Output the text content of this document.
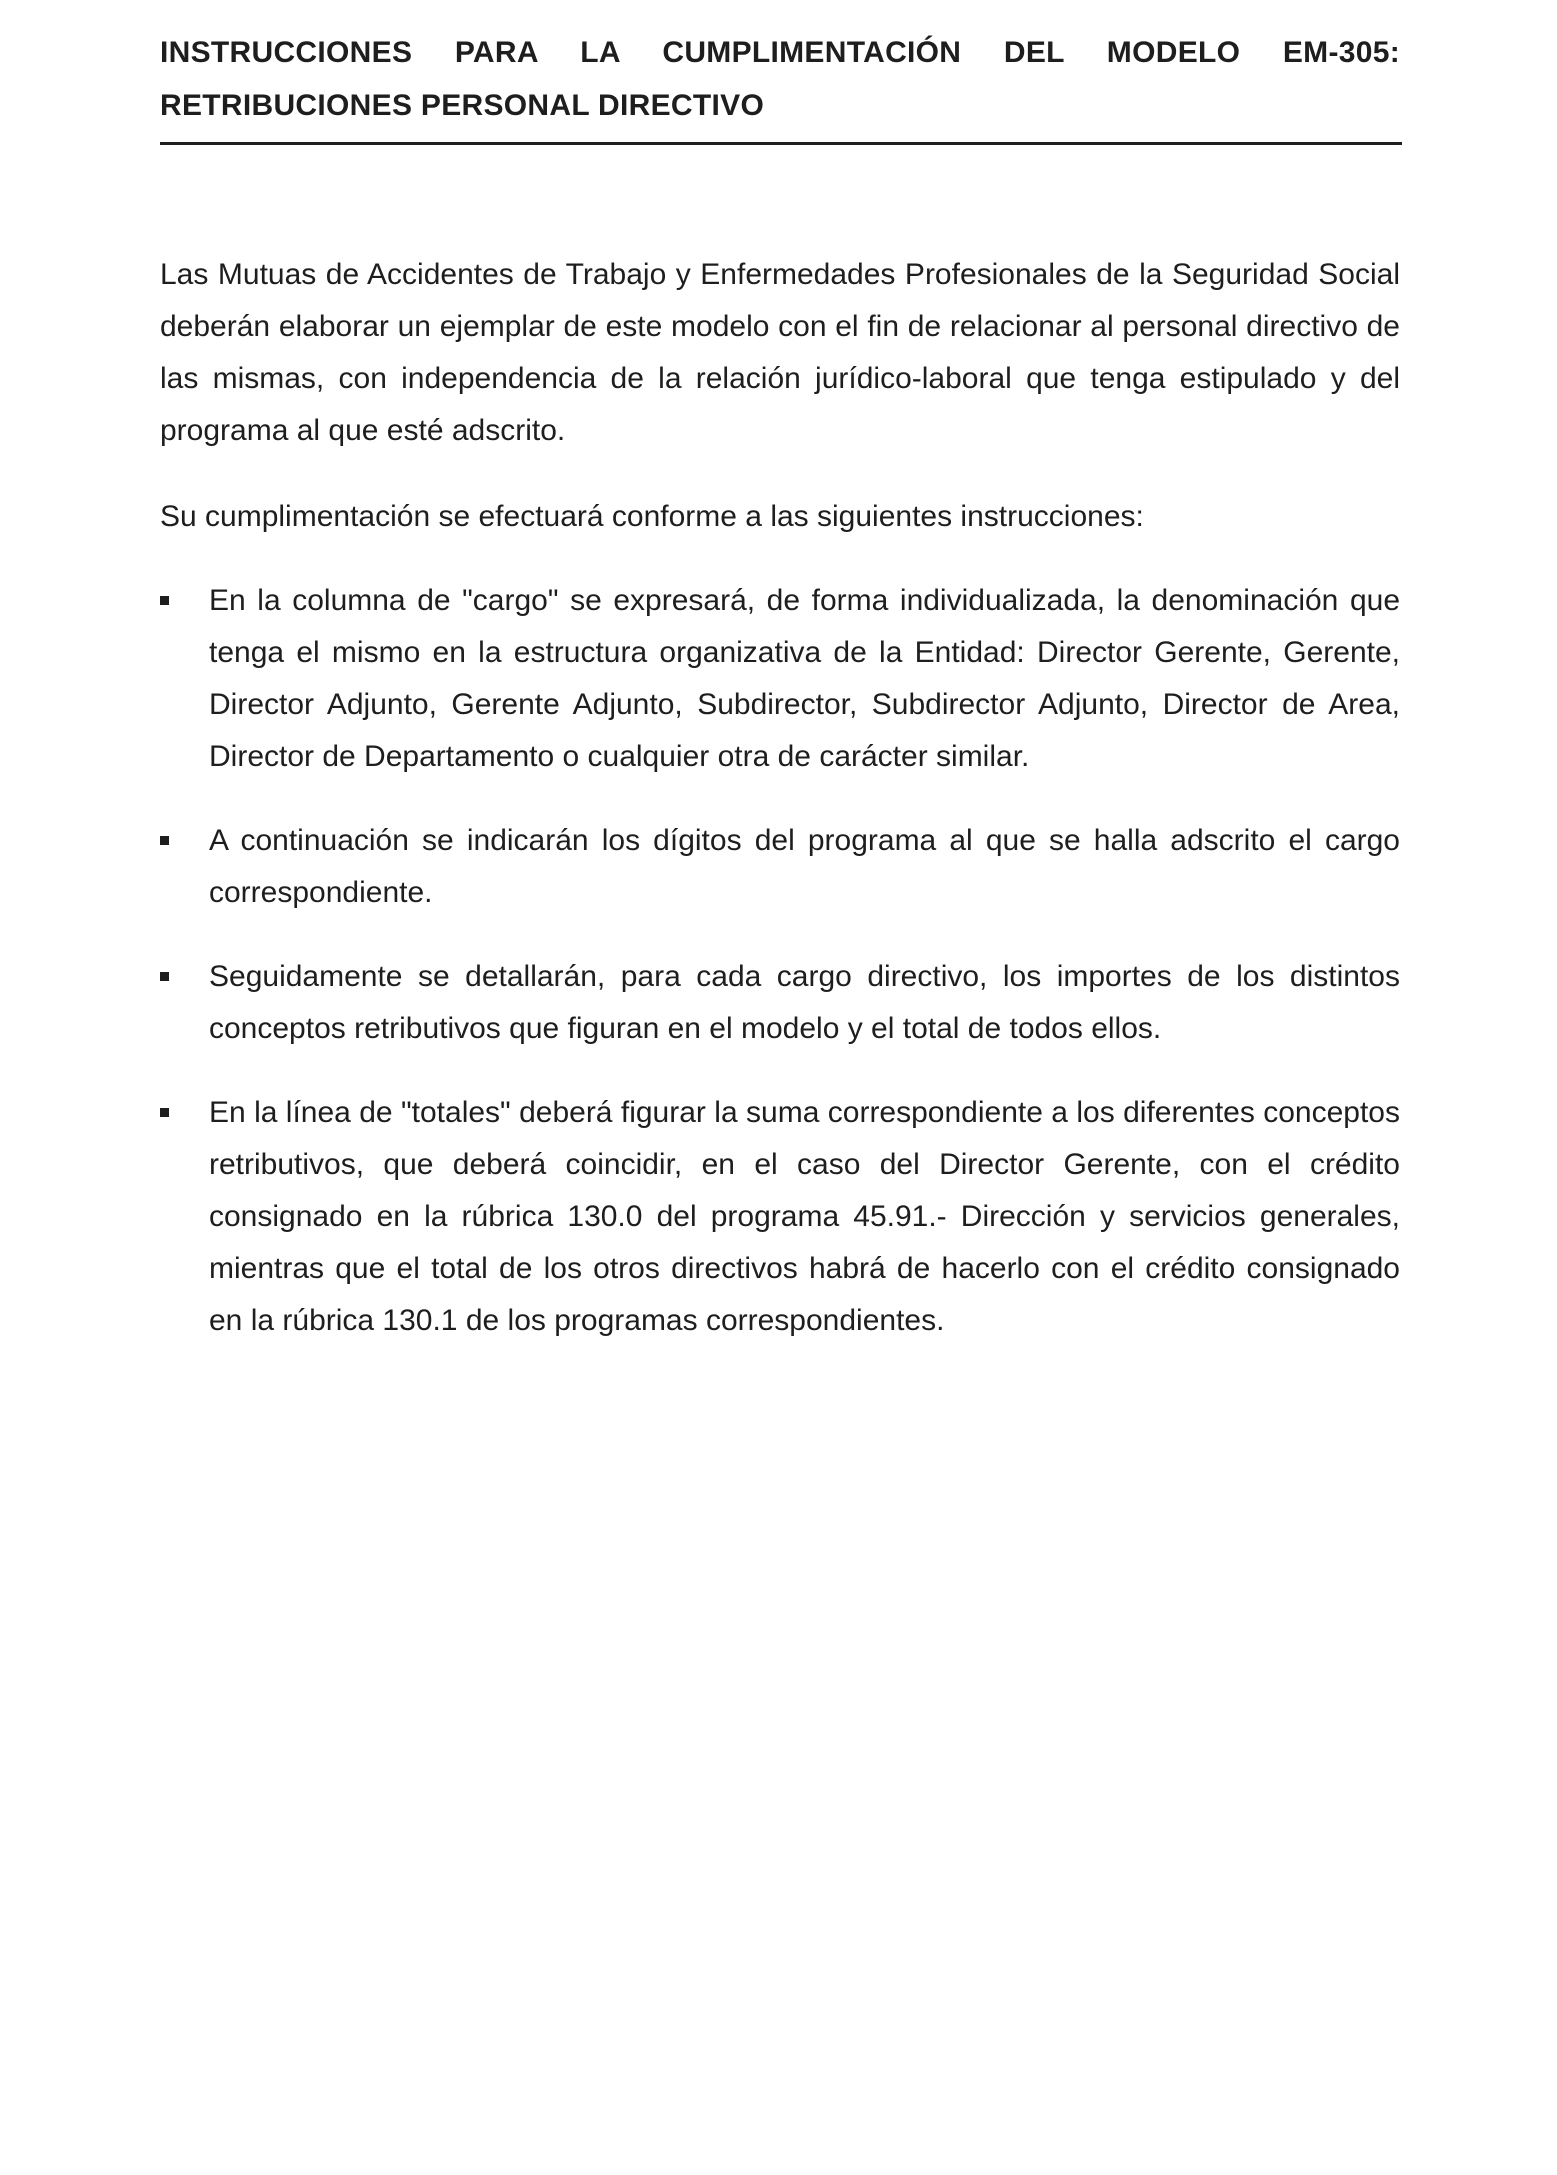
INSTRUCCIONES PARA LA CUMPLIMENTACIÓN DEL MODELO EM-305:
RETRIBUCIONES PERSONAL DIRECTIVO

Las Mutuas de Accidentes de Trabajo y Enfermedades Profesionales de la Seguridad Social deberán elaborar un ejemplar de este modelo con el fin de relacionar al personal directivo de las mismas, con independencia de la relación jurídico-laboral que tenga estipulado y del programa al que esté adscrito.

Su cumplimentación se efectuará conforme a las siguientes instrucciones:

En la columna de "cargo" se expresará, de forma individualizada, la denominación que tenga el mismo en la estructura organizativa de la Entidad: Director Gerente, Gerente, Director Adjunto, Gerente Adjunto, Subdirector, Subdirector Adjunto, Director de Area, Director de Departamento o cualquier otra de carácter similar.
A continuación se indicarán los dígitos del programa al que se halla adscrito el cargo correspondiente.
Seguidamente se detallarán, para cada cargo directivo, los importes de los distintos conceptos retributivos que figuran en el modelo y el total de todos ellos.
En la línea de "totales" deberá figurar la suma correspondiente a los diferentes conceptos retributivos, que deberá coincidir, en el caso del Director Gerente, con el crédito consignado en la rúbrica 130.0 del programa 45.91.- Dirección y servicios generales, mientras que el total de los otros directivos habrá de hacerlo con el crédito consignado en la rúbrica 130.1 de los programas correspondientes.
